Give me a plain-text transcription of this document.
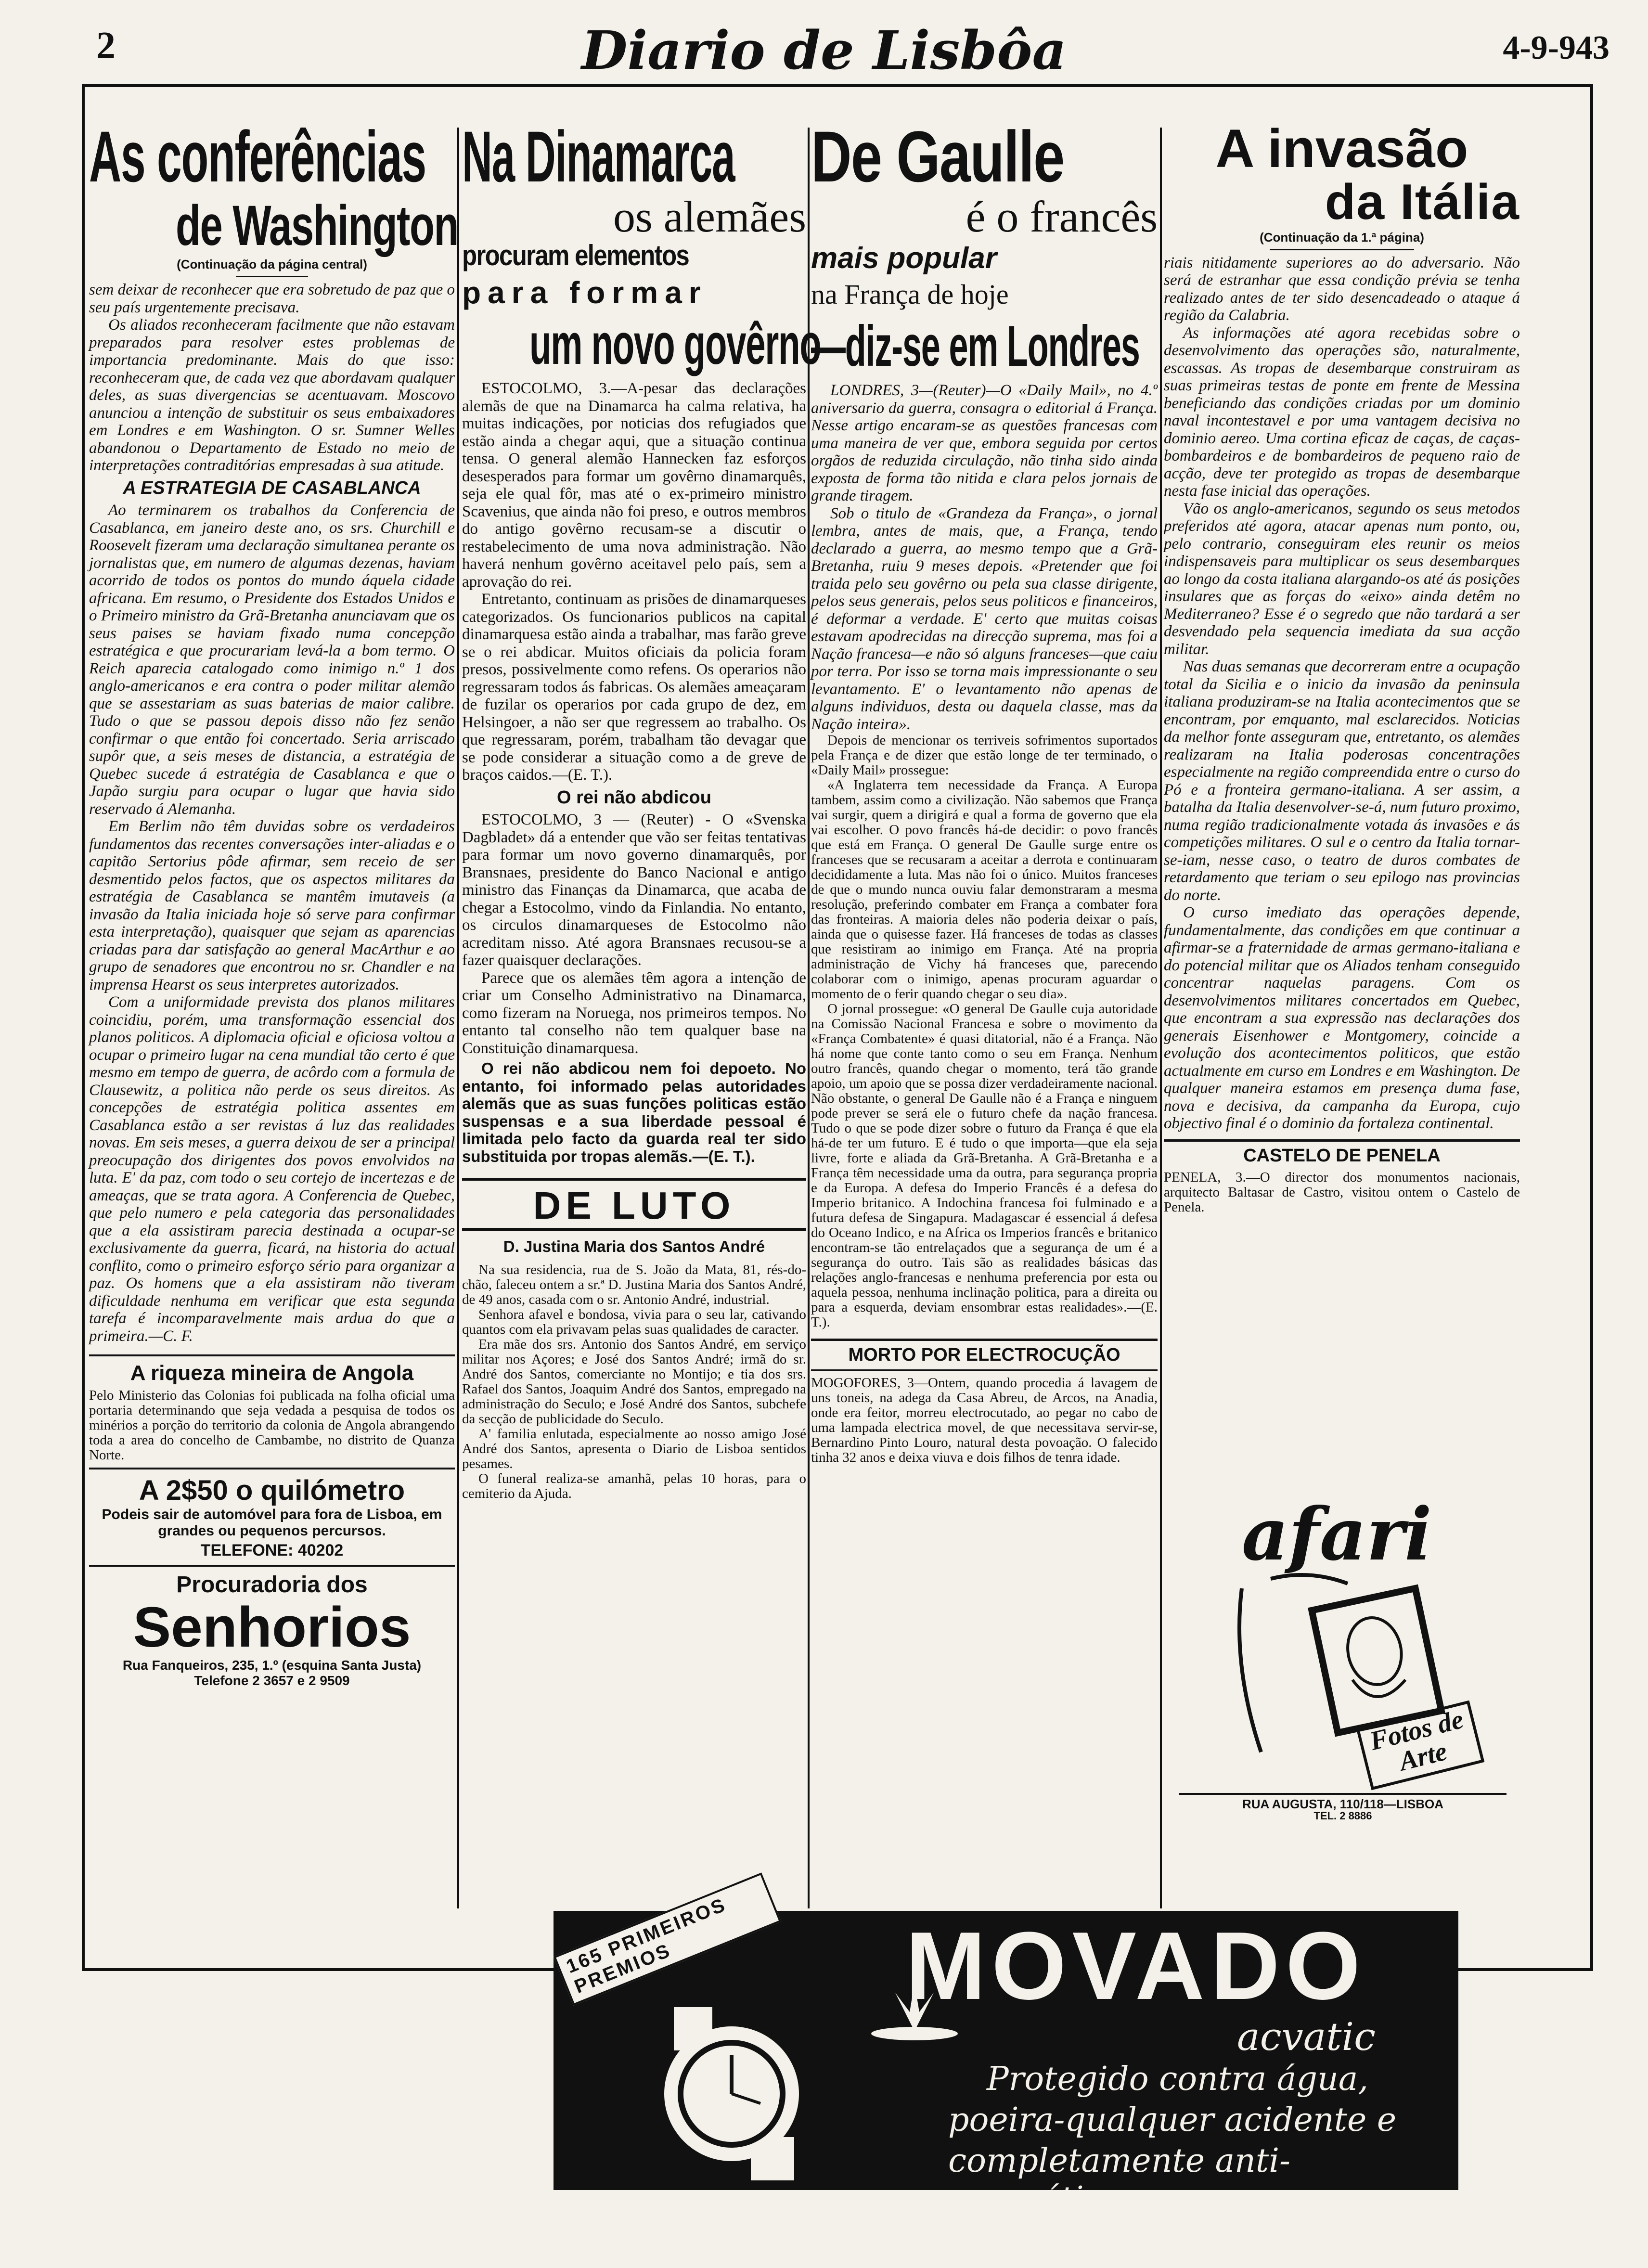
2	Diario de Lisbôa	4-9-943
As conferências
de Washington
(Continuação da página central)

sem deixar de reconhecer que era sobretudo de paz que o seu país urgentemente precisava.

Os aliados reconheceram facilmente que não estavam preparados para resolver estes problemas de importancia predominante. Mais do que isso: reconheceram que, de cada vez que abordavam qualquer deles, as suas divergencias se acentuavam. Moscovo anunciou a intenção de substituir os seus embaixadores em Londres e em Washington. O sr. Sumner Welles abandonou o Departamento de Estado no meio de interpretações contraditórias empresadas à sua atitude.

A ESTRATEGIA DE CASABLANCA

Ao terminarem os trabalhos da Conferencia de Casablanca, em janeiro deste ano, os srs. Churchill e Roosevelt fizeram uma declaração simultanea perante os jornalistas que, em numero de algumas dezenas, haviam acorrido de todos os pontos do mundo áquela cidade africana. Em resumo, o Presidente dos Estados Unidos e o Primeiro ministro da Grã-Bretanha anunciavam que os seus paises se haviam fixado numa concepção estratégica e que procurariam levá-la a bom termo. O Reich aparecia catalogado como inimigo n.º 1 dos anglo-americanos e era contra o poder militar alemão que se assestariam as suas baterias de maior calibre. Tudo o que se passou depois disso não fez senão confirmar o que então foi concertado. Seria arriscado supôr que, a seis meses de distancia, a estratégia de Quebec sucede á estratégia de Casablanca e que o Japão surgiu para ocupar o lugar que havia sido reservado á Alemanha.

Em Berlim não têm duvidas sobre os verdadeiros fundamentos das recentes conversações inter-aliadas e o capitão Sertorius pôde afirmar, sem receio de ser desmentido pelos factos, que os aspectos militares da estratégia de Casablanca se mantêm imutaveis (a invasão da Italia iniciada hoje só serve para confirmar esta interpretação), quaisquer que sejam as aparencias criadas para dar satisfação ao general MacArthur e ao grupo de senadores que encontrou no sr. Chandler e na imprensa Hearst os seus interpretes autorizados.

Com a uniformidade prevista dos planos militares coincidiu, porém, uma transformação essencial dos planos politicos. A diplomacia oficial e oficiosa voltou a ocupar o primeiro lugar na cena mundial tão certo é que mesmo em tempo de guerra, de acôrdo com a formula de Clausewitz, a politica não perde os seus direitos. As concepções de estratégia politica assentes em Casablanca estão a ser revistas á luz das realidades novas. Em seis meses, a guerra deixou de ser a principal preocupação dos dirigentes dos povos envolvidos na luta. E' da paz, com todo o seu cortejo de incertezas e de ameaças, que se trata agora. A Conferencia de Quebec, que pelo numero e pela categoria das personalidades que a ela assistiram parecia destinada a ocupar-se exclusivamente da guerra, ficará, na historia do actual conflito, como o primeiro esforço sério para organizar a paz. Os homens que a ela assistiram não tiveram dificuldade nenhuma em verificar que esta segunda tarefa é incomparavelmente mais ardua do que a primeira.—C. F.

A riqueza mineira de Angola
Pelo Ministerio das Colonias foi publicada na folha oficial uma portaria determinando que seja vedada a pesquisa de todos os minérios a porção do territorio da colonia de Angola abrangendo toda a area do concelho de Cambambe, no distrito de Quanza Norte.
A 2$50 o quilómetro
Podeis sair de automóvel para fora de Lisboa, em grandes ou pequenos percursos.
TELEFONE: 40202
Procuradoria dos
Senhorios
Rua Fanqueiros, 235, 1.º (esquina Santa Justa)
Telefone 2 3657 e 2 9509
Na Dinamarca
os alemães
procuram elementos
para formar
um novo govêrno

ESTOCOLMO, 3.—A-pesar das declarações alemãs de que na Dinamarca ha calma relativa, ha muitas indicações, por noticias dos refugiados que estão ainda a chegar aqui, que a situação continua tensa. O general alemão Hannecken faz esforços desesperados para formar um govêrno dinamarquês, seja ele qual fôr, mas até o ex-primeiro ministro Scavenius, que ainda não foi preso, e outros membros do antigo govêrno recusam-se a discutir o restabelecimento de uma nova administração. Não haverá nenhum govêrno aceitavel pelo país, sem a aprovação do rei.

Entretanto, continuam as prisões de dinamarqueses categorizados. Os funcionarios publicos na capital dinamarquesa estão ainda a trabalhar, mas farão greve se o rei abdicar. Muitos oficiais da policia foram presos, possivelmente como refens. Os operarios não regressaram todos ás fabricas. Os alemães ameaçaram de fuzilar os operarios por cada grupo de dez, em Helsingoer, a não ser que regressem ao trabalho. Os que regressaram, porém, trabalham tão devagar que se pode considerar a situação como a de greve de braços caidos.—(E. T.).

O rei não abdicou

ESTOCOLMO, 3 — (Reuter) - O «Svenska Dagbladet» dá a entender que vão ser feitas tentativas para formar um novo governo dinamarquês, por Bransnaes, presidente do Banco Nacional e antigo ministro das Finanças da Dinamarca, que acaba de chegar a Estocolmo, vindo da Finlandia. No entanto, os circulos dinamarqueses de Estocolmo não acreditam nisso. Até agora Bransnaes recusou-se a fazer quaisquer declarações.

Parece que os alemães têm agora a intenção de criar um Conselho Administrativo na Dinamarca, como fizeram na Noruega, nos primeiros tempos. No entanto tal conselho não tem qualquer base na Constituição dinamarquesa.

O rei não abdicou nem foi depoeto. No entanto, foi informado pelas autoridades alemãs que as suas funções politicas estão suspensas e a sua liberdade pessoal é limitada pelo facto da guarda real ter sido substituida por tropas alemãs.—(E. T.).

DE LUTO
D. Justina Maria dos Santos André

Na sua residencia, rua de S. João da Mata, 81, rés-do-chão, faleceu ontem a sr.ª D. Justina Maria dos Santos André, de 49 anos, casada com o sr. Antonio André, industrial.

Senhora afavel e bondosa, vivia para o seu lar, cativando quantos com ela privavam pelas suas qualidades de caracter.

Era mãe dos srs. Antonio dos Santos André, em serviço militar nos Açores; e José dos Santos André; irmã do sr. André dos Santos, comerciante no Montijo; e tia dos srs. Rafael dos Santos, Joaquim André dos Santos, empregado na administração do Seculo; e José André dos Santos, subchefe da secção de publicidade do Seculo.

A' familia enlutada, especialmente ao nosso amigo José André dos Santos, apresenta o Diario de Lisboa sentidos pesames.

O funeral realiza-se amanhã, pelas 10 horas, para o cemiterio da Ajuda.

De Gaulle
é o francês
mais popular
na França de hoje
—diz-se em Londres

LONDRES, 3—(Reuter)—O «Daily Mail», no 4.º aniversario da guerra, consagra o editorial á França. Nesse artigo encaram-se as questões francesas com uma maneira de ver que, embora seguida por certos orgãos de reduzida circulação, não tinha sido ainda exposta de forma tão nitida e clara pelos jornais de grande tiragem.

Sob o titulo de «Grandeza da França», o jornal lembra, antes de mais, que, a França, tendo declarado a guerra, ao mesmo tempo que a Grã-Bretanha, ruiu 9 meses depois. «Pretender que foi traida pelo seu govêrno ou pela sua classe dirigente, pelos seus generais, pelos seus politicos e financeiros, é deformar a verdade. E' certo que muitas coisas estavam apodrecidas na direcção suprema, mas foi a Nação francesa—e não só alguns franceses—que caiu por terra. Por isso se torna mais impressionante o seu levantamento. E' o levantamento não apenas de alguns individuos, desta ou daquela classe, mas da Nação inteira».

Depois de mencionar os terriveis sofrimentos suportados pela França e de dizer que estão longe de ter terminado, o «Daily Mail» prossegue:

«A Inglaterra tem necessidade da França. A Europa tambem, assim como a civilização. Não sabemos que França vai surgir, quem a dirigirá e qual a forma de governo que ela vai escolher. O povo francês há-de decidir: o povo francês que está em França. O general De Gaulle surge entre os franceses que se recusaram a aceitar a derrota e continuaram decididamente a luta. Mas não foi o único. Muitos franceses de que o mundo nunca ouviu falar demonstraram a mesma resolução, preferindo combater em França a combater fora das fronteiras. A maioria deles não poderia deixar o país, ainda que o quisesse fazer. Há franceses de todas as classes que resistiram ao inimigo em França. Até na propria administração de Vichy há franceses que, parecendo colaborar com o inimigo, apenas procuram aguardar o momento de o ferir quando chegar o seu dia».

O jornal prossegue: «O general De Gaulle cuja autoridade na Comissão Nacional Francesa e sobre o movimento da «França Combatente» é quasi ditatorial, não é a França. Não há nome que conte tanto como o seu em França. Nenhum outro francês, quando chegar o momento, terá tão grande apoio, um apoio que se possa dizer verdadeiramente nacional. Não obstante, o general De Gaulle não é a França e ninguem pode prever se será ele o futuro chefe da nação francesa. Tudo o que se pode dizer sobre o futuro da França é que ela há-de ter um futuro. E é tudo o que importa—que ela seja livre, forte e aliada da Grã-Bretanha. A Grã-Bretanha e a França têm necessidade uma da outra, para segurança propria e da Europa. A defesa do Imperio Francês é a defesa do Imperio britanico. A Indochina francesa foi fulminado e a futura defesa de Singapura. Madagascar é essencial á defesa do Oceano Indico, e na Africa os Imperios francês e britanico encontram-se tão entrelaçados que a segurança de um é a segurança do outro. Tais são as realidades básicas das relações anglo-francesas e nenhuma preferencia por esta ou aquela pessoa, nenhuma inclinação politica, para a direita ou para a esquerda, deviam ensombrar estas realidades».—(E. T.).

MORTO POR ELECTROCUÇÃO
MOGOFORES, 3—Ontem, quando procedia á lavagem de uns toneis, na adega da Casa Abreu, de Arcos, na Anadia, onde era feitor, morreu electrocutado, ao pegar no cabo de uma lampada electrica movel, de que necessitava servir-se, Bernardino Pinto Louro, natural desta povoação. O falecido tinha 32 anos e deixa viuva e dois filhos de tenra idade.
A invasão
da Itália
(Continuação da 1.ª página)

riais nitidamente superiores ao do adversario. Não será de estranhar que essa condição prévia se tenha realizado antes de ter sido desencadeado o ataque á região da Calabria.

As informações até agora recebidas sobre o desenvolvimento das operações são, naturalmente, escassas. As tropas de desembarque construiram as suas primeiras testas de ponte em frente de Messina beneficiando das condições criadas por um dominio naval incontestavel e por uma vantagem decisiva no dominio aereo. Uma cortina eficaz de caças, de caças-bombardeiros e de bombardeiros de pequeno raio de acção, deve ter protegido as tropas de desembarque nesta fase inicial das operações.

Vão os anglo-americanos, segundo os seus metodos preferidos até agora, atacar apenas num ponto, ou, pelo contrario, conseguiram eles reunir os meios indispensaveis para multiplicar os seus desembarques ao longo da costa italiana alargando-os até ás posições insulares que as forças do «eixo» ainda detêm no Mediterraneo? Esse é o segredo que não tardará a ser desvendado pela sequencia imediata da sua acção militar.

Nas duas semanas que decorreram entre a ocupação total da Sicilia e o inicio da invasão da peninsula italiana produziram-se na Italia acontecimentos que se encontram, por emquanto, mal esclarecidos. Noticias da melhor fonte asseguram que, entretanto, os alemães realizaram na Italia poderosas concentrações especialmente na região compreendida entre o curso do Pó e a fronteira germano-italiana. A ser assim, a batalha da Italia desenvolver-se-á, num futuro proximo, numa região tradicionalmente votada ás invasões e ás competições militares. O sul e o centro da Italia tornar-se-iam, nesse caso, o teatro de duros combates de retardamento que teriam o seu epilogo nas provincias do norte.

O curso imediato das operações depende, fundamentalmente, das condições em que continuar a afirmar-se a fraternidade de armas germano-italiana e do potencial militar que os Aliados tenham conseguido concentrar naquelas paragens. Com os desenvolvimentos militares concertados em Quebec, que encontram a sua expressão nas declarações dos generais Eisenhower e Montgomery, coincide a evolução dos acontecimentos politicos, que estão actualmente em curso em Londres e em Washington. De qualquer maneira estamos em presença duma fase, nova e decisiva, da campanha da Europa, cujo objectivo final é o dominio da fortaleza continental.

CASTELO DE PENELA
PENELA, 3.—O director dos monumentos nacionais, arquitecto Baltasar de Castro, visitou ontem o Castelo de Penela.
afari
Fotos de Arte
RUA AUGUSTA, 110/118—LISBOA
TEL. 2 8886
165 PRIMEIROS PREMIOS	MOVADO
acvatic
Protegido contra água,
poeira-qualquer acidente e
completamente anti-magnético
